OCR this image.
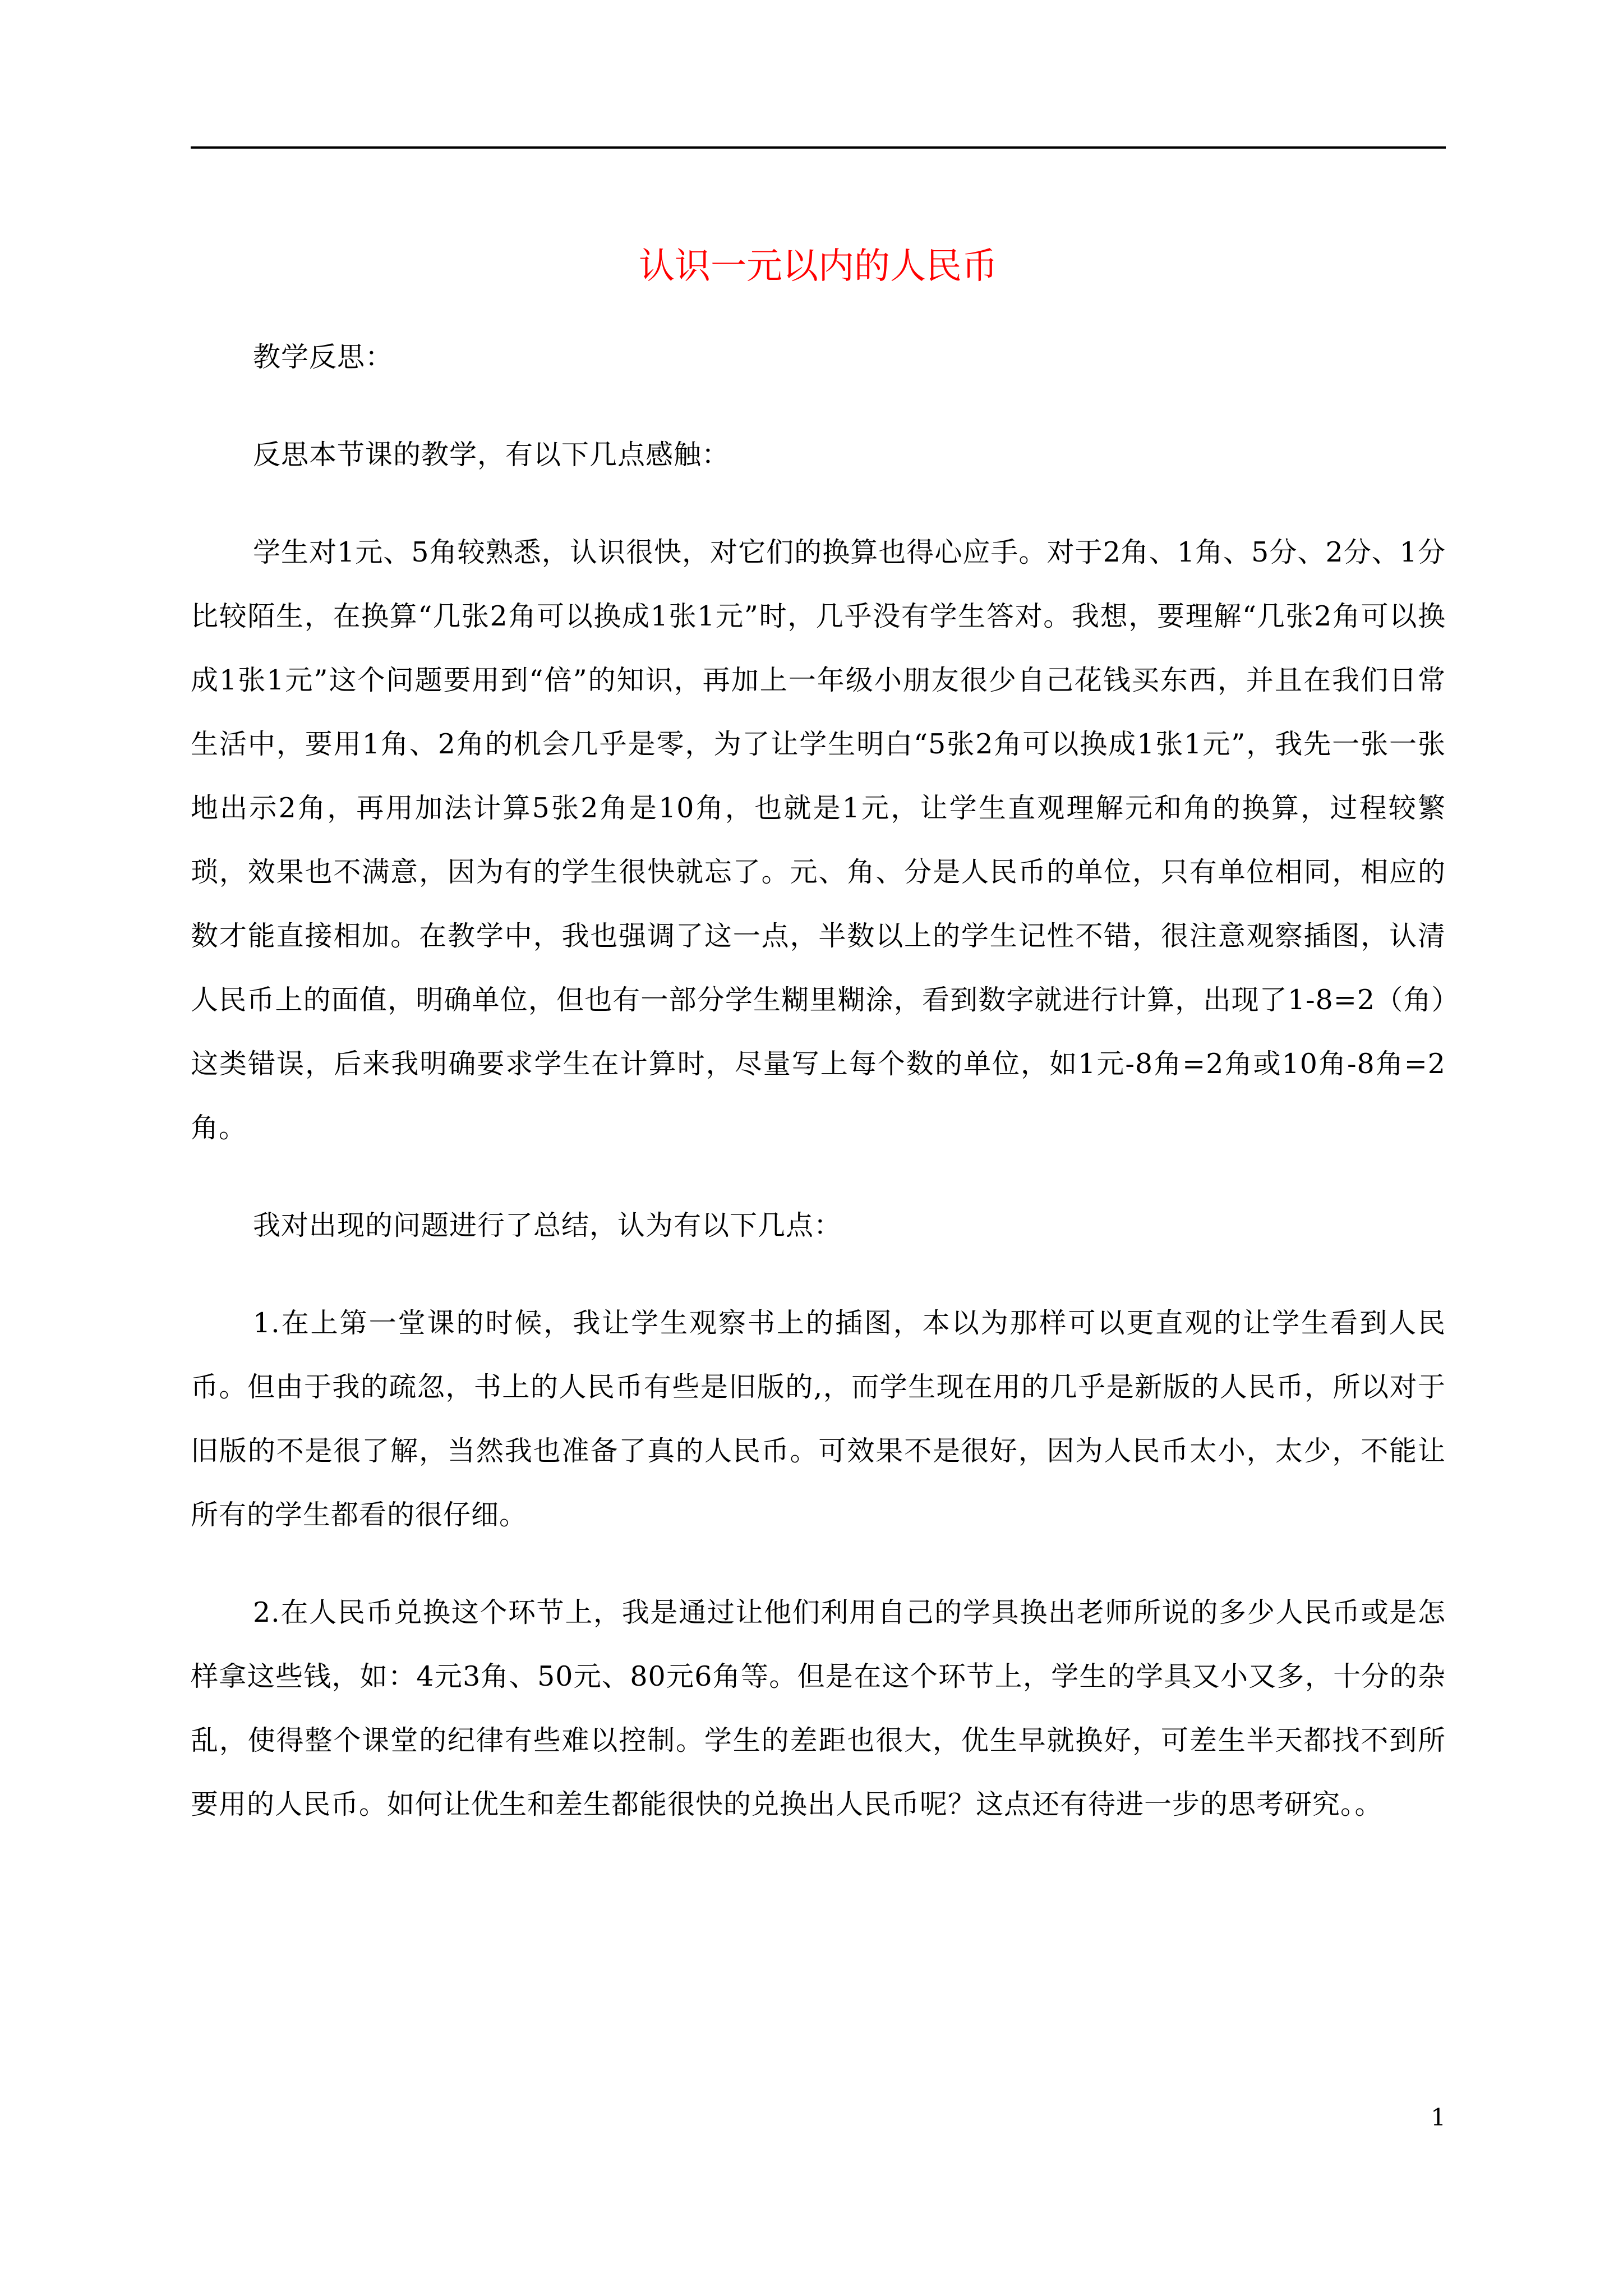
认识一元以内的人民币

教学反思：

反思本节课的教学，有以下几点感触：

学生对1元、5角较熟悉，认识很快，对它们的换算也得心应手。对于2角、1角、5分、2分、1分比较陌生，在换算“几张2角可以换成1张1元”时，几乎没有学生答对。我想，要理解“几张2角可以换成1张1元”这个问题要用到“倍”的知识，再加上一年级小朋友很少自己花钱买东西，并且在我们日常生活中，要用1角、2角的机会几乎是零，为了让学生明白“5张2角可以换成1张1元”，我先一张一张地出示2角，再用加法计算5张2角是10角，也就是1元，让学生直观理解元和角的换算，过程较繁琐，效果也不满意，因为有的学生很快就忘了。元、角、分是人民币的单位，只有单位相同，相应的数才能直接相加。在教学中，我也强调了这一点，半数以上的学生记性不错，很注意观察插图，认清人民币上的面值，明确单位，但也有一部分学生糊里糊涂，看到数字就进行计算，出现了1-8=2（角）这类错误，后来我明确要求学生在计算时，尽量写上每个数的单位，如1元-8角=2角或10角-8角=2角。

我对出现的问题进行了总结，认为有以下几点：

1.在上第一堂课的时候，我让学生观察书上的插图，本以为那样可以更直观的让学生看到人民币。但由于我的疏忽，书上的人民币有些是旧版的,，而学生现在用的几乎是新版的人民币，所以对于旧版的不是很了解，当然我也准备了真的人民币。可效果不是很好，因为人民币太小，太少，不能让所有的学生都看的很仔细。

2.在人民币兑换这个环节上，我是通过让他们利用自己的学具换出老师所说的多少人民币或是怎样拿这些钱，如：4元3角、50元、80元6角等。但是在这个环节上，学生的学具又小又多，十分的杂乱，使得整个课堂的纪律有些难以控制。学生的差距也很大，优生早就换好，可差生半天都找不到所要用的人民币。如何让优生和差生都能很快的兑换出人民币呢？这点还有待进一步的思考研究。。

1
